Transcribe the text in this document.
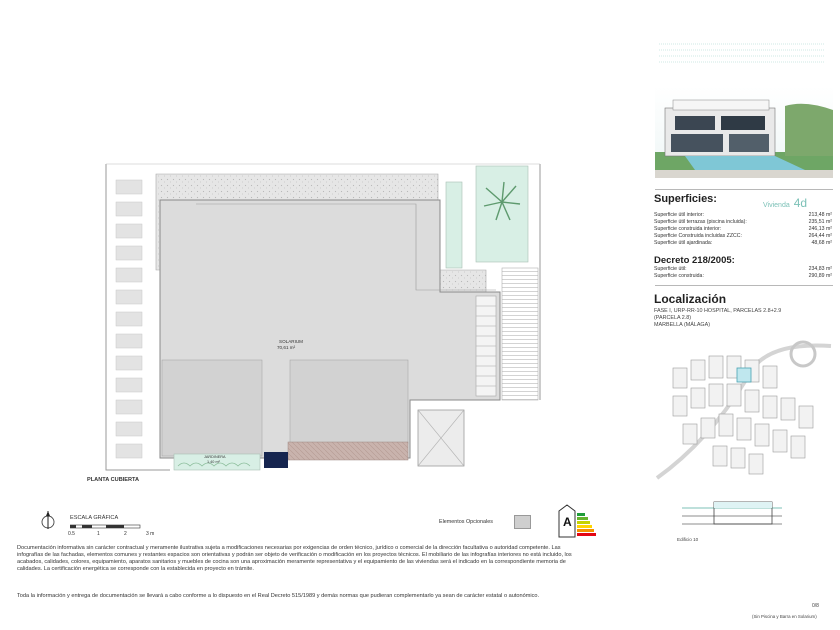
SOLARIUM
70,61 m²
JARDINERA
1,40 m²
PLANTA CUBIERTA
ESCALA GRÁFICA
0.5	1	2	3 m
Elementos Opcionales	A
Documentación informativa sin carácter contractual y meramente ilustrativa sujeta a modificaciones necesarias por exigencias de orden técnico, jurídico o comercial de la dirección facultativa o autoridad competente. Las infografías de las fachadas, elementos comunes y restantes espacios son orientativas y podrán ser objeto de verificación o modificación en los proyectos técnicos. El mobiliario de las infografías interiores no está incluido, los acabados, calidades, colores, equipamiento, aparatos sanitarios y muebles de cocina son una aproximación meramente representativa y el equipamiento de las viviendas será el indicado en la correspondiente memoria de calidades. La certificación energética se corresponde con la establecida en proyecto en trámite.
Toda la información y entrega de documentación se llevará a cabo conforme a lo dispuesto en el Real Decreto 515/1989 y demás normas que pudieran complementarlo ya sean de carácter estatal o autonómico.
Superficies:
Vivienda 4d
Superficie útil interior:	213,48 m²
Superficie útil terrazas (piscina incluida):	235,51 m²
Superficie construida interior:	246,13 m²
Superficie Construida incluidas ZZCC:	264,44 m²
Superficie útil ajardinada:	48,68 m²
Decreto 218/2005:
Superficie útil:	234,83 m²
Superficie construida:	290,89 m²
Localización
FASE I, URP-RR-10 HOSPITAL, PARCELAS 2.8+2.9
(PARCELA 2.8)
MARBELLA (MÁLAGA)
Edificio 10
0/8
(Sin Piscina y Barra en Solarium)
